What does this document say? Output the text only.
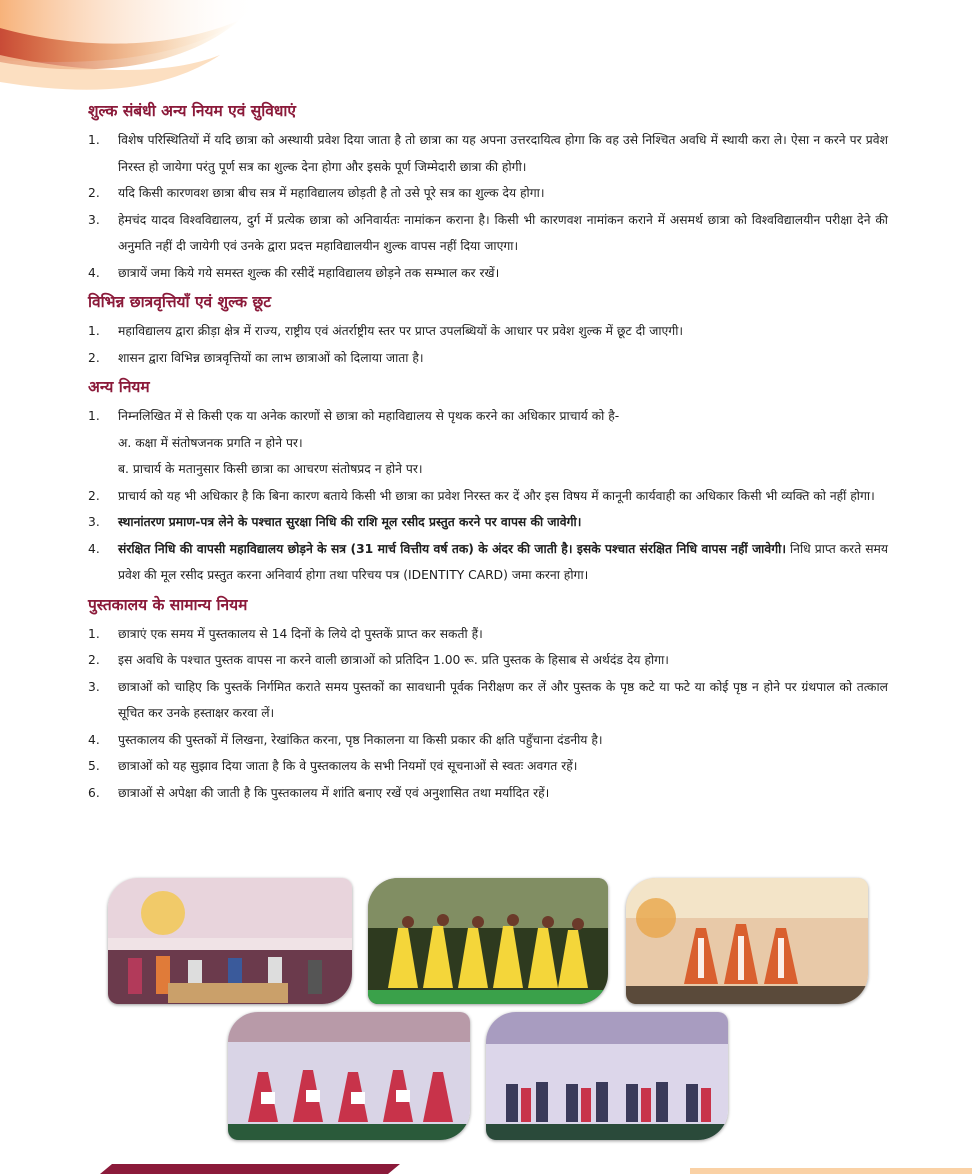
शुल्क संबंधी अन्य नियम एवं सुविधाएं
1. विशेष परिस्थितियों में यदि छात्रा को अस्थायी प्रवेश दिया जाता है तो छात्रा का यह अपना उत्तरदायित्व होगा कि वह उसे निश्चित अवधि में स्थायी करा ले। ऐसा न करने पर प्रवेश निरस्त हो जायेगा परंतु पूर्ण सत्र का शुल्क देना होगा और इसके पूर्ण जिम्मेदारी छात्रा की होगी।
2. यदि किसी कारणवश छात्रा बीच सत्र में महाविद्यालय छोड़ती है तो उसे पूरे सत्र का शुल्क देय होगा।
3. हेमचंद यादव विश्वविद्यालय, दुर्ग में प्रत्येक छात्रा को अनिवार्यतः नामांकन कराना है। किसी भी कारणवश नामांकन कराने में असमर्थ छात्रा को विश्वविद्यालयीन परीक्षा देने की अनुमति नहीं दी जायेगी एवं उनके द्वारा प्रदत्त महाविद्यालयीन शुल्क वापस नहीं दिया जाएगा।
4. छात्रायें जमा किये गये समस्त शुल्क की रसीदें महाविद्यालय छोड़ने तक सम्भाल कर रखें।
विभिन्न छात्रवृत्तियाँ एवं शुल्क छूट
1. महाविद्यालय द्वारा क्रीड़ा क्षेत्र में राज्य, राष्ट्रीय एवं अंतर्राष्ट्रीय स्तर पर प्राप्त उपलब्धियों के आधार पर प्रवेश शुल्क में छूट दी जाएगी।
2. शासन द्वारा विभिन्न छात्रवृत्तियों का लाभ छात्राओं को दिलाया जाता है।
अन्य नियम
1. निम्नलिखित में से किसी एक या अनेक कारणों से छात्रा को महाविद्यालय से पृथक करने का अधिकार प्राचार्य को है-
अ. कक्षा में संतोषजनक प्रगति न होने पर।
ब. प्राचार्य के मतानुसार किसी छात्रा का आचरण संतोषप्रद न होने पर।
2. प्राचार्य को यह भी अधिकार है कि बिना कारण बताये किसी भी छात्रा का प्रवेश निरस्त कर दें और इस विषय में कानूनी कार्यवाही का अधिकार किसी भी व्यक्ति को नहीं होगा।
3. स्थानांतरण प्रमाण-पत्र लेने के पश्चात सुरक्षा निधि की राशि मूल रसीद प्रस्तुत करने पर वापस की जावेगी।
4. संरक्षित निधि की वापसी महाविद्यालय छोड़ने के सत्र (31 मार्च वित्तीय वर्ष तक) के अंदर की जाती है। इसके पश्चात संरक्षित निधि वापस नहीं जावेगी। निधि प्राप्त करते समय प्रवेश की मूल रसीद प्रस्तुत करना अनिवार्य होगा तथा परिचय पत्र (IDENTITY CARD) जमा करना होगा।
पुस्तकालय के सामान्य नियम
1. छात्राएं एक समय में पुस्तकालय से 14 दिनों के लिये दो पुस्तकें प्राप्त कर सकती हैं।
2. इस अवधि के पश्चात पुस्तक वापस ना करने वाली छात्राओं को प्रतिदिन 1.00 रू. प्रति पुस्तक के हिसाब से अर्थदंड देय होगा।
3. छात्राओं को चाहिए कि पुस्तकें निर्गमित कराते समय पुस्तकों का सावधानी पूर्वक निरीक्षण कर लें और पुस्तक के पृष्ठ कटे या फटे या कोई पृष्ठ न होने पर ग्रंथपाल को तत्काल सूचित कर उनके हस्ताक्षर करवा लें।
4. पुस्तकालय की पुस्तकों में लिखना, रेखांकित करना, पृष्ठ निकालना या किसी प्रकार की क्षति पहुँचाना दंडनीय है।
5. छात्राओं को यह सुझाव दिया जाता है कि वे पुस्तकालय के सभी नियमों एवं सूचनाओं से स्वतः अवगत रहें।
6. छात्राओं से अपेक्षा की जाती है कि पुस्तकालय में शांति बनाए रखें एवं अनुशासित तथा मर्यादित रहें।
